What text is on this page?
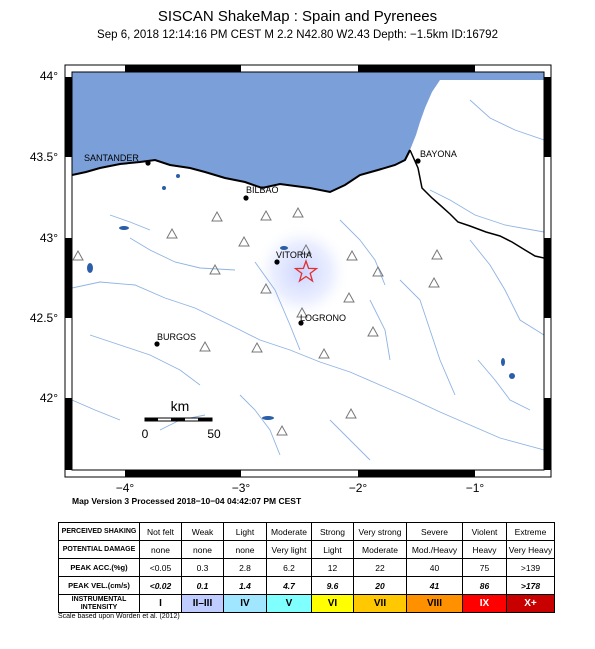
SISCAN ShakeMap : Spain and Pyrenees
Sep 6, 2018 12:14:16 PM CEST M 2.2 N42.80 W2.43 Depth: −1.5km ID:16792
44°
43.5°
43°
42.5°
42°
−4°	−3°	−2°	−1°
SANTANDER
BILBAO
BAYONA
VITORIA
LOGRONO
BURGOS
km
0	50
Map Version 3 Processed 2018−10−04 04:42:07 PM CEST
PERCEIVED SHAKING	Not felt	Weak	Light	Moderate	Strong	Very strong	Severe	Violent	Extreme
POTENTIAL DAMAGE	none	none	none	Very light	Light	Moderate	Mod./Heavy	Heavy	Very Heavy
PEAK ACC.(%g)	<0.05	0.3	2.8	6.2	12	22	40	75	>139
PEAK VEL.(cm/s)	<0.02	0.1	1.4	4.7	9.6	20	41	86	>178
INSTRUMENTAL INTENSITY	I	II–III	IV	V	VI	VII	VIII	IX	X+
Scale based upon Worden et al. (2012)
